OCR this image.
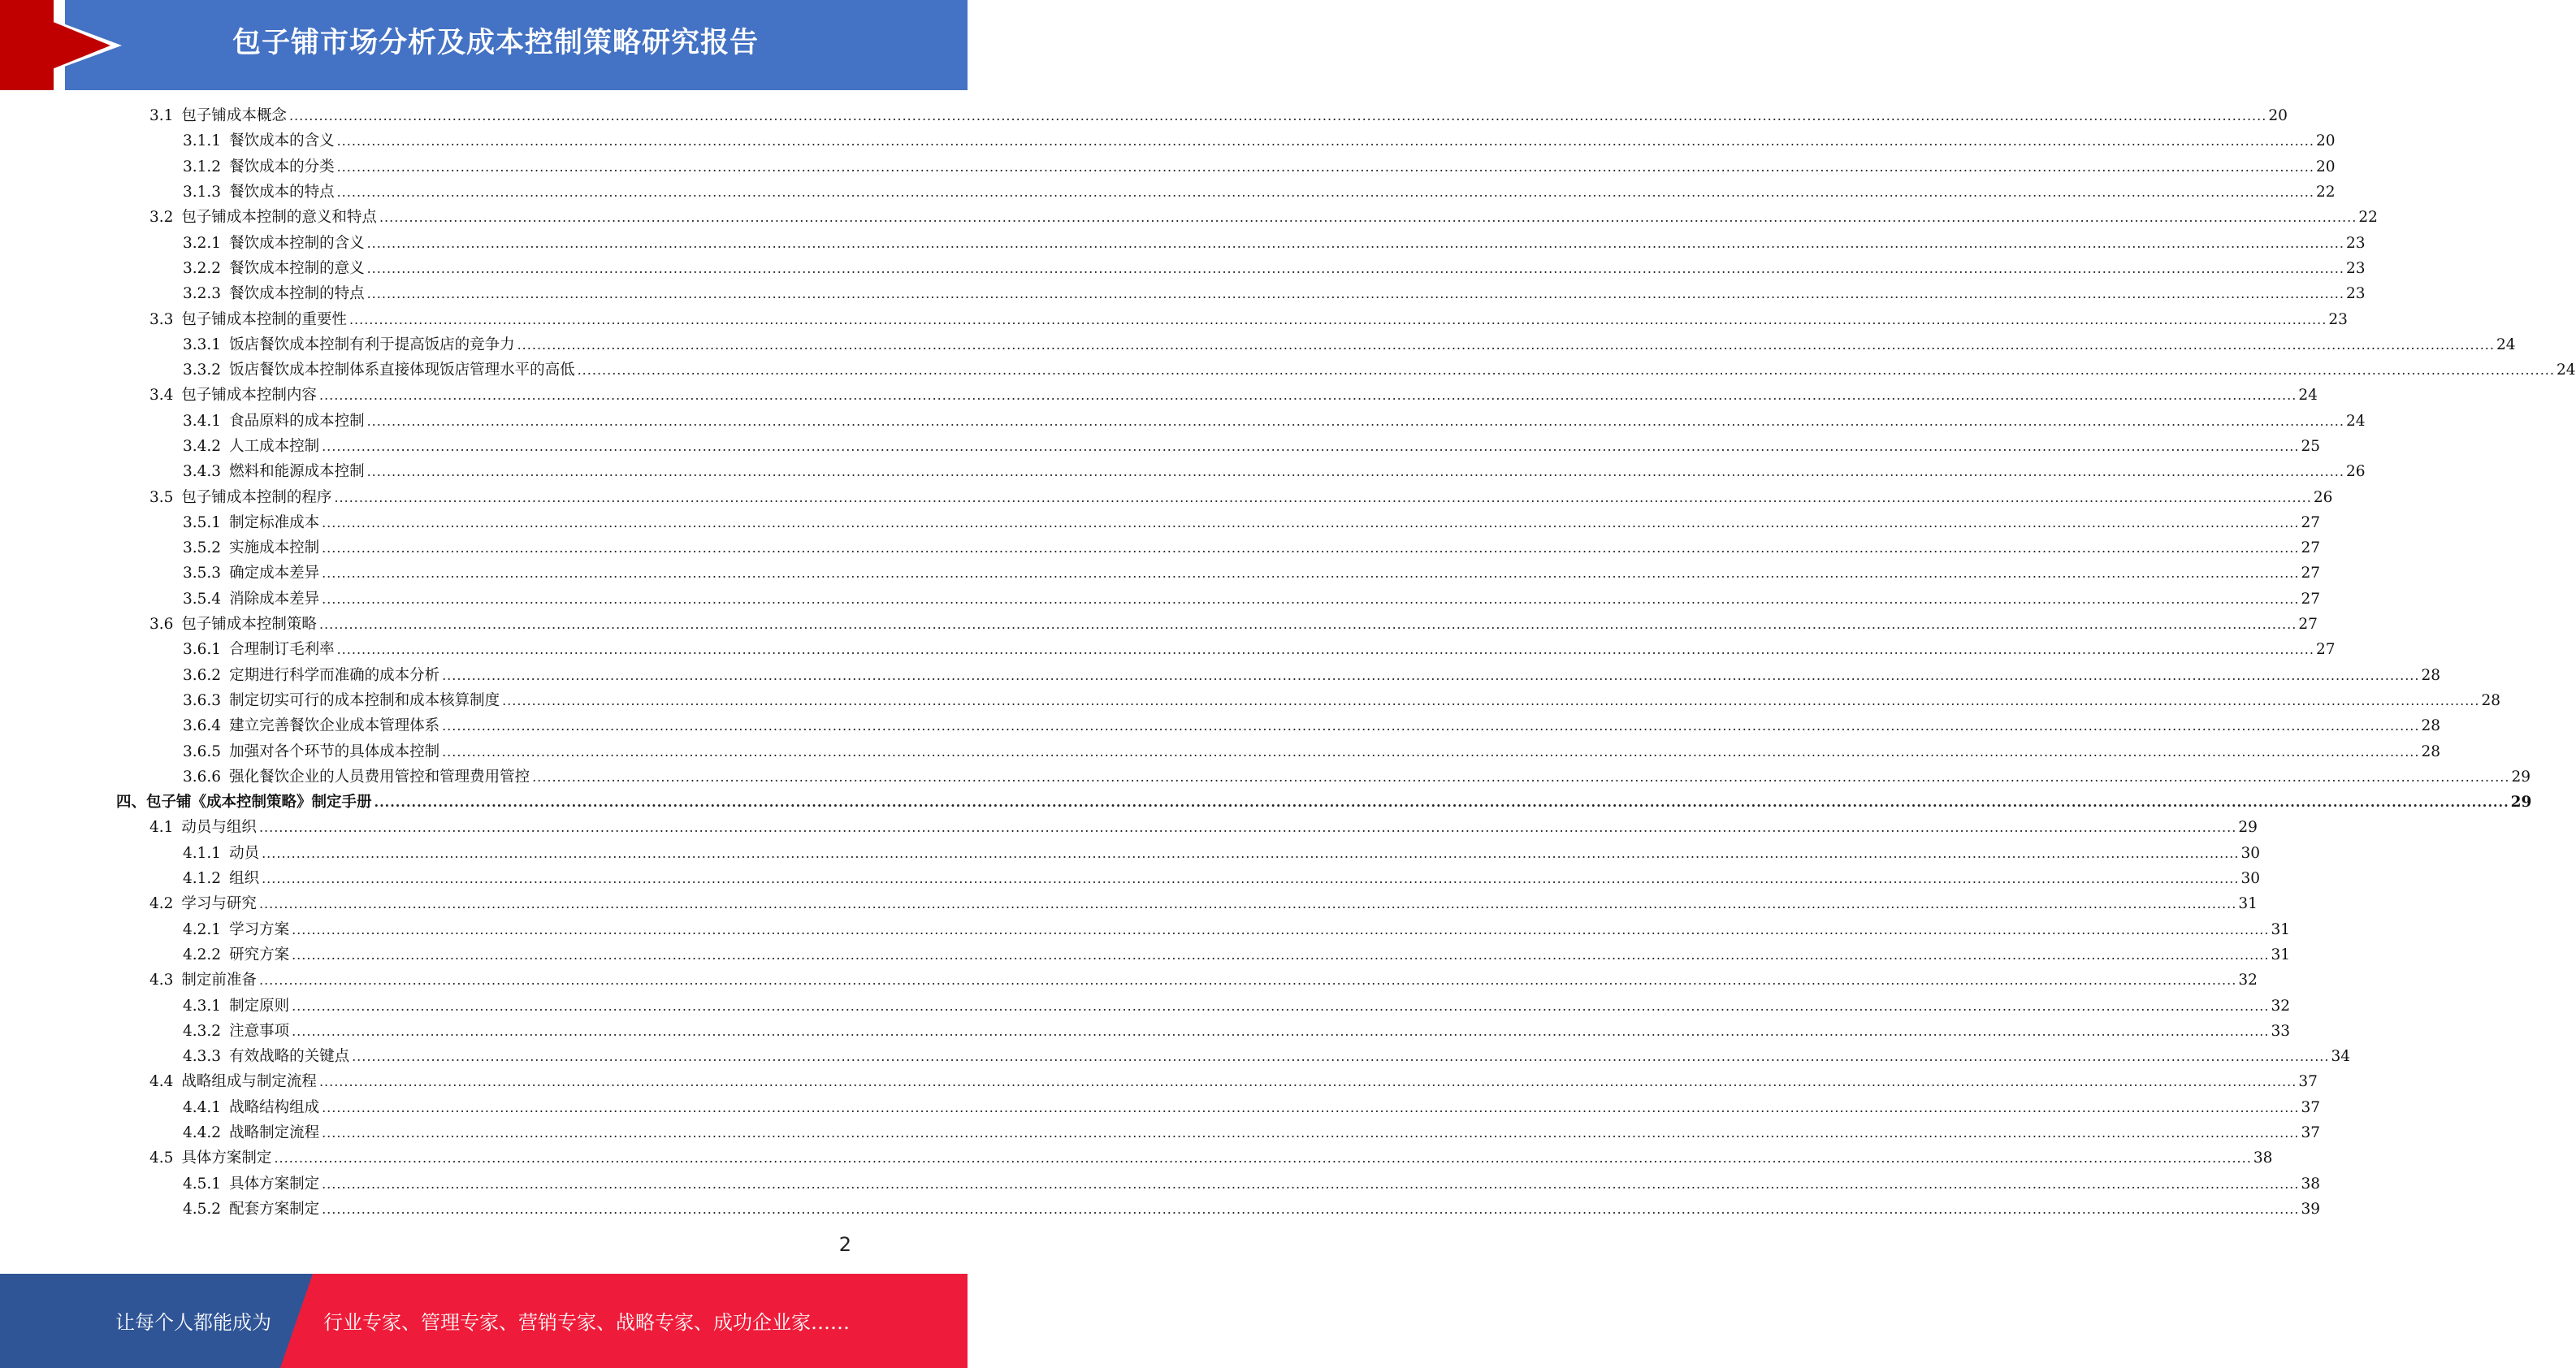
包子铺市场分析及成本控制策略研究报告
3.1 包子铺成本概念 ................................................................................................................................................................................................................................................................................................................................................................................................................ 20
3.1.1 餐饮成本的含义 ................................................................................................................................................................................................................................................................................................................................................................................................................ 20
3.1.2 餐饮成本的分类 ................................................................................................................................................................................................................................................................................................................................................................................................................ 20
3.1.3 餐饮成本的特点 ................................................................................................................................................................................................................................................................................................................................................................................................................ 22
3.2 包子铺成本控制的意义和特点 ................................................................................................................................................................................................................................................................................................................................................................................................................ 22
3.2.1 餐饮成本控制的含义 ................................................................................................................................................................................................................................................................................................................................................................................................................ 23
3.2.2 餐饮成本控制的意义 ................................................................................................................................................................................................................................................................................................................................................................................................................ 23
3.2.3 餐饮成本控制的特点 ................................................................................................................................................................................................................................................................................................................................................................................................................ 23
3.3 包子铺成本控制的重要性 ................................................................................................................................................................................................................................................................................................................................................................................................................ 23
3.3.1 饭店餐饮成本控制有利于提高饭店的竞争力 ................................................................................................................................................................................................................................................................................................................................................................................................................ 24
3.3.2 饭店餐饮成本控制体系直接体现饭店管理水平的高低 ................................................................................................................................................................................................................................................................................................................................................................................................................ 24
3.4 包子铺成本控制内容 ................................................................................................................................................................................................................................................................................................................................................................................................................ 24
3.4.1 食品原料的成本控制 ................................................................................................................................................................................................................................................................................................................................................................................................................ 24
3.4.2 人工成本控制 ................................................................................................................................................................................................................................................................................................................................................................................................................ 25
3.4.3 燃料和能源成本控制 ................................................................................................................................................................................................................................................................................................................................................................................................................ 26
3.5 包子铺成本控制的程序 ................................................................................................................................................................................................................................................................................................................................................................................................................ 26
3.5.1 制定标准成本 ................................................................................................................................................................................................................................................................................................................................................................................................................ 27
3.5.2 实施成本控制 ................................................................................................................................................................................................................................................................................................................................................................................................................ 27
3.5.3 确定成本差异 ................................................................................................................................................................................................................................................................................................................................................................................................................ 27
3.5.4 消除成本差异 ................................................................................................................................................................................................................................................................................................................................................................................................................ 27
3.6 包子铺成本控制策略 ................................................................................................................................................................................................................................................................................................................................................................................................................ 27
3.6.1 合理制订毛利率 ................................................................................................................................................................................................................................................................................................................................................................................................................ 27
3.6.2 定期进行科学而准确的成本分析 ................................................................................................................................................................................................................................................................................................................................................................................................................ 28
3.6.3 制定切实可行的成本控制和成本核算制度 ................................................................................................................................................................................................................................................................................................................................................................................................................ 28
3.6.4 建立完善餐饮企业成本管理体系 ................................................................................................................................................................................................................................................................................................................................................................................................................ 28
3.6.5 加强对各个环节的具体成本控制 ................................................................................................................................................................................................................................................................................................................................................................................................................ 28
3.6.6 强化餐饮企业的人员费用管控和管理费用管控 ................................................................................................................................................................................................................................................................................................................................................................................................................ 29
四、包子铺《成本控制策略》制定手册 ................................................................................................................................................................................................................................................................................................................................................................................................................ 29
4.1 动员与组织 ................................................................................................................................................................................................................................................................................................................................................................................................................ 29
4.1.1 动员 ................................................................................................................................................................................................................................................................................................................................................................................................................ 30
4.1.2 组织 ................................................................................................................................................................................................................................................................................................................................................................................................................ 30
4.2 学习与研究 ................................................................................................................................................................................................................................................................................................................................................................................................................ 31
4.2.1 学习方案 ................................................................................................................................................................................................................................................................................................................................................................................................................ 31
4.2.2 研究方案 ................................................................................................................................................................................................................................................................................................................................................................................................................ 31
4.3 制定前准备 ................................................................................................................................................................................................................................................................................................................................................................................................................ 32
4.3.1 制定原则 ................................................................................................................................................................................................................................................................................................................................................................................................................ 32
4.3.2 注意事项 ................................................................................................................................................................................................................................................................................................................................................................................................................ 33
4.3.3 有效战略的关键点 ................................................................................................................................................................................................................................................................................................................................................................................................................ 34
4.4 战略组成与制定流程 ................................................................................................................................................................................................................................................................................................................................................................................................................ 37
4.4.1 战略结构组成 ................................................................................................................................................................................................................................................................................................................................................................................................................ 37
4.4.2 战略制定流程 ................................................................................................................................................................................................................................................................................................................................................................................................................ 37
4.5 具体方案制定 ................................................................................................................................................................................................................................................................................................................................................................................................................ 38
4.5.1 具体方案制定 ................................................................................................................................................................................................................................................................................................................................................................................................................ 38
4.5.2 配套方案制定 ................................................................................................................................................................................................................................................................................................................................................................................................................ 39
2
让每个人都能成为	行业专家、管理专家、营销专家、战略专家、成功企业家……
